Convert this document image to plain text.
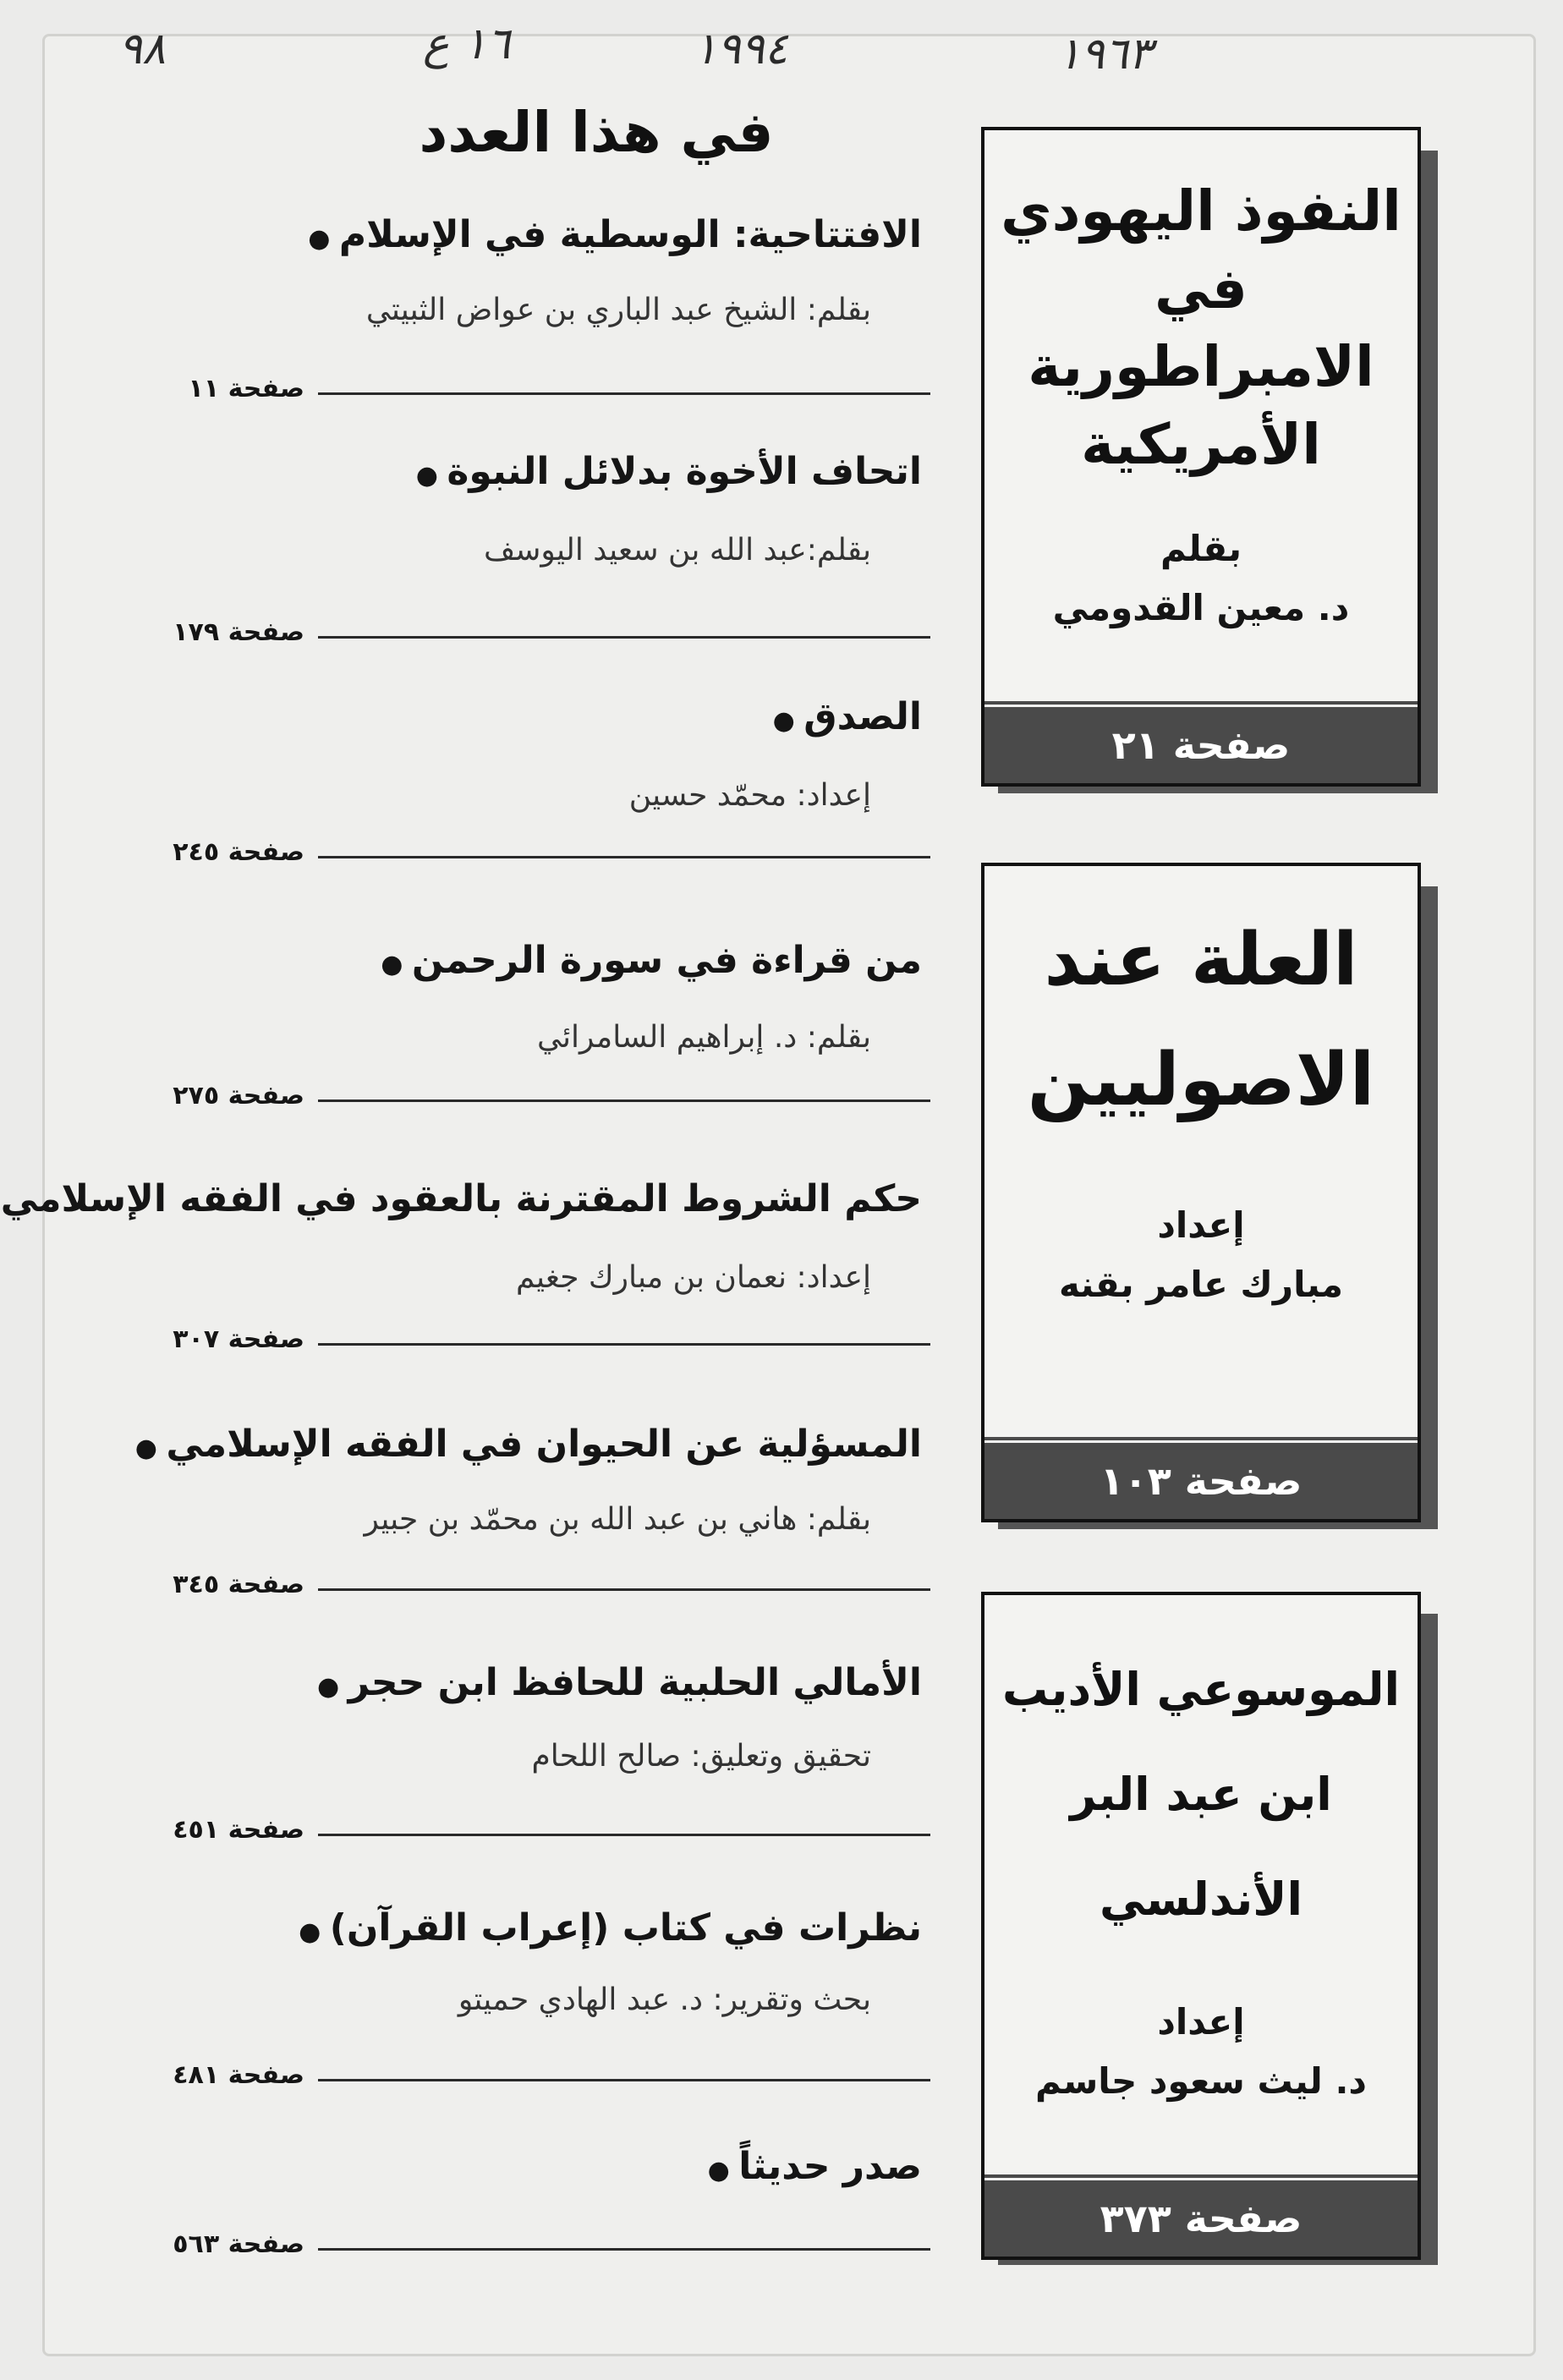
٩٨	١٦ ع	١٩٩٤	١٩٦٣
في هذا العدد
الافتتاحية: الوسطية في الإسلام ●
بقلم: الشيخ عبد الباري بن عواض الثبيتي
صفحة ١١
اتحاف الأخوة بدلائل النبوة ●
بقلم:عبد الله بن سعيد اليوسف
صفحة ١٧٩
الصدق ●
إعداد: محمّد حسين
صفحة ٢٤٥
من قراءة في سورة الرحمن ●
بقلم: د. إبراهيم السامرائي
صفحة ٢٧٥
حكم الشروط المقترنة بالعقود في الفقه الإسلامي ●
إعداد: نعمان بن مبارك جغيم
صفحة ٣٠٧
المسؤلية عن الحيوان في الفقه الإسلامي ●
بقلم: هاني بن عبد الله بن محمّد بن جبير
صفحة ٣٤٥
الأمالي الحلبية للحافظ ابن حجر ●
تحقيق وتعليق: صالح اللحام
صفحة ٤٥١
نظرات في كتاب (إعراب القرآن) ●
بحث وتقرير: د. عبد الهادي حميتو
صفحة ٤٨١
صدر حديثاً ●
صفحة ٥٦٣
النفوذ اليهودي
في الامبراطورية
الأمريكية
بقلم
د. معين القدومي
صفحة ٢١
العلة عند
الاصوليين
إعداد
مبارك عامر بقنه
صفحة ١٠٣
الموسوعي الأديب
ابن عبد البر
الأندلسي
إعداد
د. ليث سعود جاسم
صفحة ٣٧٣
